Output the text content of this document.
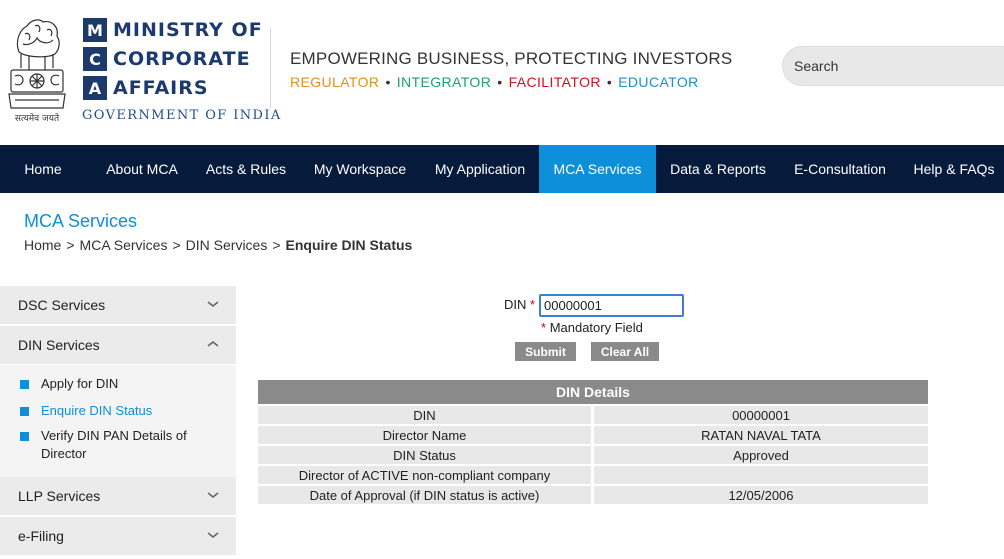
सत्यमेव जयते
M MINISTRY OF
C CORPORATE
A AFFAIRS
GOVERNMENT OF INDIA
EMPOWERING BUSINESS, PROTECTING INVESTORS
REGULATOR • INTEGRATOR • FACILITATOR • EDUCATOR
Search
Home	About MCA	Acts & Rules	My Workspace	My Application	MCA Services	Data & Reports	E-Consultation	Help & FAQs
MCA Services
Home > MCA Services > DIN Services > Enquire DIN Status
DSC Services
DIN Services
Apply for DIN
Enquire DIN Status
Verify DIN PAN Details of Director
LLP Services
e-Filing
DIN *
00000001
* Mandatory Field
Submit	Clear All
DIN Details
DIN	00000001
Director Name	RATAN NAVAL TATA
DIN Status	Approved
Director of ACTIVE non-compliant company
Date of Approval (if DIN status is active)	12/05/2006
